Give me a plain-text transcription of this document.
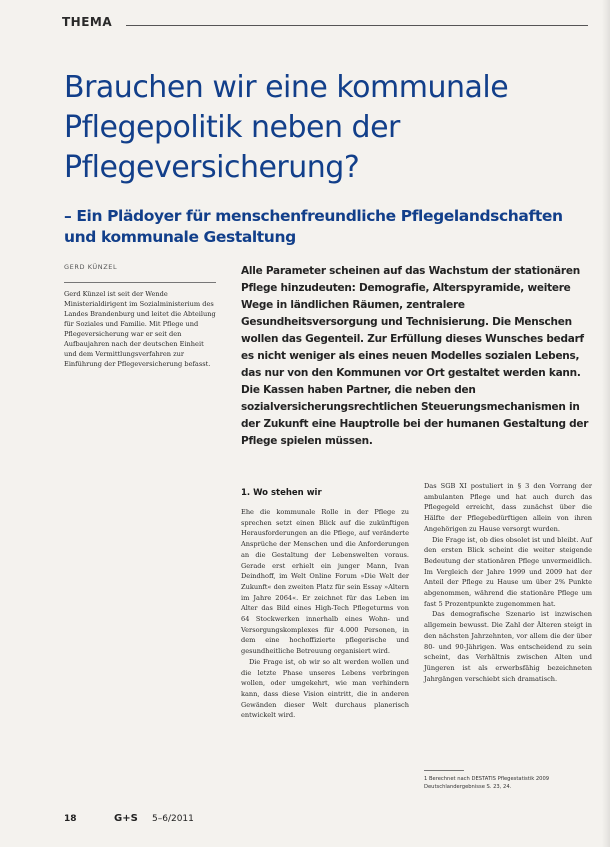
THEMA
Brauchen wir eine kommunale Pflegepolitik neben der Pflegeversicherung?
– Ein Plädoyer für menschenfreundliche Pflegelandschaften und kommunale Gestaltung
GERD KÜNZEL
Gerd Künzel ist seit der Wende Ministerialdirigent im Sozialministerium des Landes Brandenburg und leitet die Abteilung für Soziales und Familie. Mit Pflege und Pflegeversicherung war er seit den Aufbaujahren nach der deutschen Einheit und dem Vermittlungsverfahren zur Einführung der Pflegeversicherung befasst.
Alle Parameter scheinen auf das Wachstum der stationären Pflege hinzudeuten: Demografie, Alterspyramide, weitere Wege in ländlichen Räumen, zentralere Gesundheitsversorgung und Technisierung. Die Menschen wollen das Gegenteil. Zur Erfüllung dieses Wunsches bedarf es nicht weniger als eines neuen Modelles sozialen Lebens, das nur von den Kommunen vor Ort gestaltet werden kann. Die Kassen haben Partner, die neben den sozialversicherungsrechtlichen Steuerungsmechanismen in der Zukunft eine Hauptrolle bei der humanen Gestaltung der Pflege spielen müssen.
1. Wo stehen wir

Ehe die kommunale Rolle in der Pflege zu sprechen setzt einen Blick auf die zukünftigen Herausforderungen an die Pflege, auf veränderte Ansprüche der Menschen und die Anforderungen an die Gestaltung der Lebenswelten voraus. Gerade erst erhielt ein junger Mann, Ivan Deindhoff, im Welt Online Forum »Die Welt der Zukunft« den zweiten Platz für sein Essay »Altern im Jahre 2064«. Er zeichnet für das Leben im Alter das Bild eines High-Tech Pflegeturms von 64 Stockwerken innerhalb eines Wohn- und Versorgungskomplexes für 4.000 Personen, in dem eine hochoffizierte pflegerische und gesundheitliche Betreuung organisiert wird.

Die Frage ist, ob wir so alt werden wollen und die letzte Phase unseres Lebens verbringen wollen, oder umgekehrt, wie man verhindern kann, dass diese Vision eintritt, die in anderen Gewänden dieser Welt durchaus planerisch entwickelt wird.

Das SGB XI postuliert in § 3 den Vorrang der ambulanten Pflege und hat auch durch das Pflegegeld erreicht, dass zunächst über die Hälfte der Pflegebedürftigen allein von ihren Angehörigen zu Hause versorgt wurden.

Die Frage ist, ob dies obsolet ist und bleibt. Auf den ersten Blick scheint die weiter steigende Bedeutung der stationären Pflege unvermeidlich. Im Vergleich der Jahre 1999 und 2009 hat der Anteil der Pflege zu Hause um über 2% Punkte abgenommen, während die stationäre Pflege um fast 5 Prozentpunkte zugenommen hat.

Das demografische Szenario ist inzwischen allgemein bewusst. Die Zahl der Älteren steigt in den nächsten Jahrzehnten, vor allem die der über 80- und 90-Jährigen. Was entscheidend zu sein scheint, das Verhältnis zwischen Alten und Jüngeren ist als erwerbsfähig bezeichneten Jahrgängen verschiebt sich dramatisch.

1 Berechnet nach DESTATIS Pflegestatistik 2009 Deutschlandergebnisse S. 23, 24.
18	G+S 5–6/2011
